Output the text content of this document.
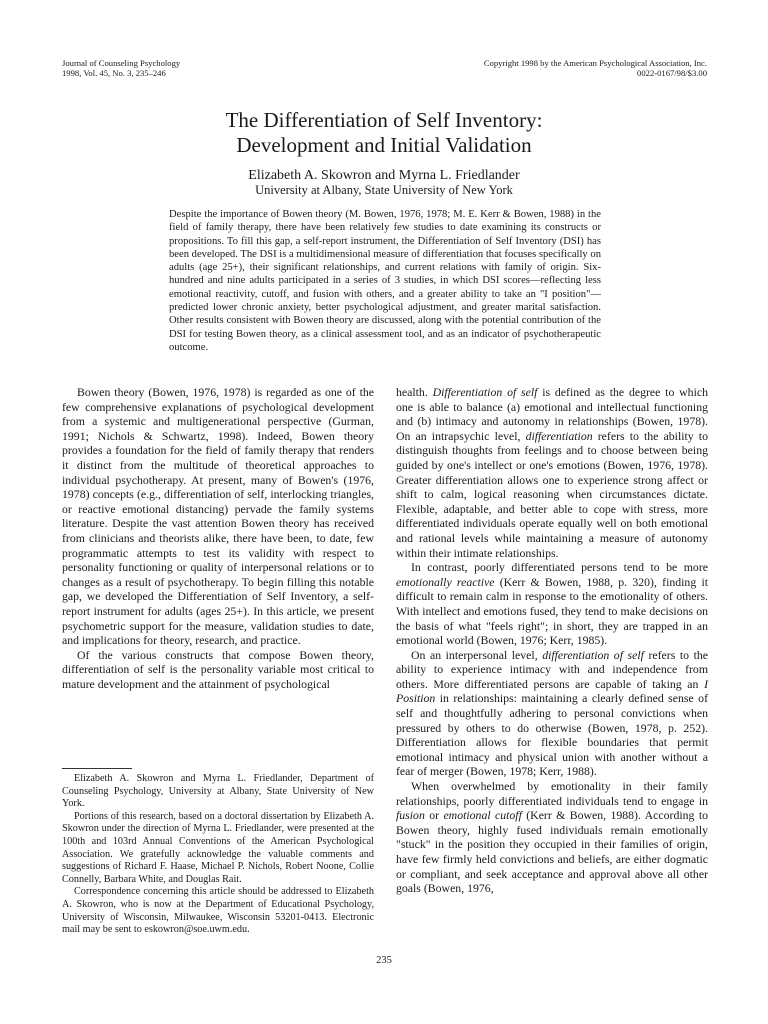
Journal of Counseling Psychology
1998, Vol. 45, No. 3, 235–246
Copyright 1998 by the American Psychological Association, Inc.
0022-0167/98/$3.00
The Differentiation of Self Inventory:
Development and Initial Validation
Elizabeth A. Skowron and Myrna L. Friedlander
University at Albany, State University of New York
Despite the importance of Bowen theory (M. Bowen, 1976, 1978; M. E. Kerr & Bowen, 1988) in the field of family therapy, there have been relatively few studies to date examining its constructs or propositions. To fill this gap, a self-report instrument, the Differentiation of Self Inventory (DSI) has been developed. The DSI is a multidimensional measure of differentiation that focuses specifically on adults (age 25+), their significant relationships, and current relations with family of origin. Six-hundred and nine adults participated in a series of 3 studies, in which DSI scores—reflecting less emotional reactivity, cutoff, and fusion with others, and a greater ability to take an "I position"—predicted lower chronic anxiety, better psychological adjustment, and greater marital satisfaction. Other results consistent with Bowen theory are discussed, along with the potential contribution of the DSI for testing Bowen theory, as a clinical assessment tool, and as an indicator of psychotherapeutic outcome.

Bowen theory (Bowen, 1976, 1978) is regarded as one of the few comprehensive explanations of psychological development from a systemic and multigenerational perspective (Gurman, 1991; Nichols & Schwartz, 1998). Indeed, Bowen theory provides a foundation for the field of family therapy that renders it distinct from the multitude of theoretical approaches to individual psychotherapy. At present, many of Bowen's (1976, 1978) concepts (e.g., differentiation of self, interlocking triangles, or reactive emotional distancing) pervade the family systems literature. Despite the vast attention Bowen theory has received from clinicians and theorists alike, there have been, to date, few programmatic attempts to test its validity with respect to personality functioning or quality of interpersonal relations or to changes as a result of psychotherapy. To begin filling this notable gap, we developed the Differentiation of Self Inventory, a self-report instrument for adults (ages 25+). In this article, we present psychometric support for the measure, validation studies to date, and implications for theory, research, and practice.

Of the various constructs that compose Bowen theory, differentiation of self is the personality variable most critical to mature development and the attainment of psychological

Elizabeth A. Skowron and Myrna L. Friedlander, Department of Counseling Psychology, University at Albany, State University of New York.

Portions of this research, based on a doctoral dissertation by Elizabeth A. Skowron under the direction of Myrna L. Friedlander, were presented at the 100th and 103rd Annual Conventions of the American Psychological Association. We gratefully acknowledge the valuable comments and suggestions of Richard F. Haase, Michael P. Nichols, Robert Noone, Collie Connelly, Barbara White, and Douglas Rait.

Correspondence concerning this article should be addressed to Elizabeth A. Skowron, who is now at the Department of Educational Psychology, University of Wisconsin, Milwaukee, Wisconsin 53201-0413. Electronic mail may be sent to eskowron@soe.uwm.edu.

health. Differentiation of self is defined as the degree to which one is able to balance (a) emotional and intellectual functioning and (b) intimacy and autonomy in relationships (Bowen, 1978). On an intrapsychic level, differentiation refers to the ability to distinguish thoughts from feelings and to choose between being guided by one's intellect or one's emotions (Bowen, 1976, 1978). Greater differentiation allows one to experience strong affect or shift to calm, logical reasoning when circumstances dictate. Flexible, adaptable, and better able to cope with stress, more differentiated individuals operate equally well on both emotional and rational levels while maintaining a measure of autonomy within their intimate relationships.

In contrast, poorly differentiated persons tend to be more emotionally reactive (Kerr & Bowen, 1988, p. 320), finding it difficult to remain calm in response to the emotionality of others. With intellect and emotions fused, they tend to make decisions on the basis of what "feels right"; in short, they are trapped in an emotional world (Bowen, 1976; Kerr, 1985).

On an interpersonal level, differentiation of self refers to the ability to experience intimacy with and independence from others. More differentiated persons are capable of taking an I Position in relationships: maintaining a clearly defined sense of self and thoughtfully adhering to personal convictions when pressured by others to do otherwise (Bowen, 1978, p. 252). Differentiation allows for flexible boundaries that permit emotional intimacy and physical union with another without a fear of merger (Bowen, 1978; Kerr, 1988).

When overwhelmed by emotionality in their family relationships, poorly differentiated individuals tend to engage in fusion or emotional cutoff (Kerr & Bowen, 1988). According to Bowen theory, highly fused individuals remain emotionally "stuck" in the position they occupied in their families of origin, have few firmly held convictions and beliefs, are either dogmatic or compliant, and seek acceptance and approval above all other goals (Bowen, 1976,

235
